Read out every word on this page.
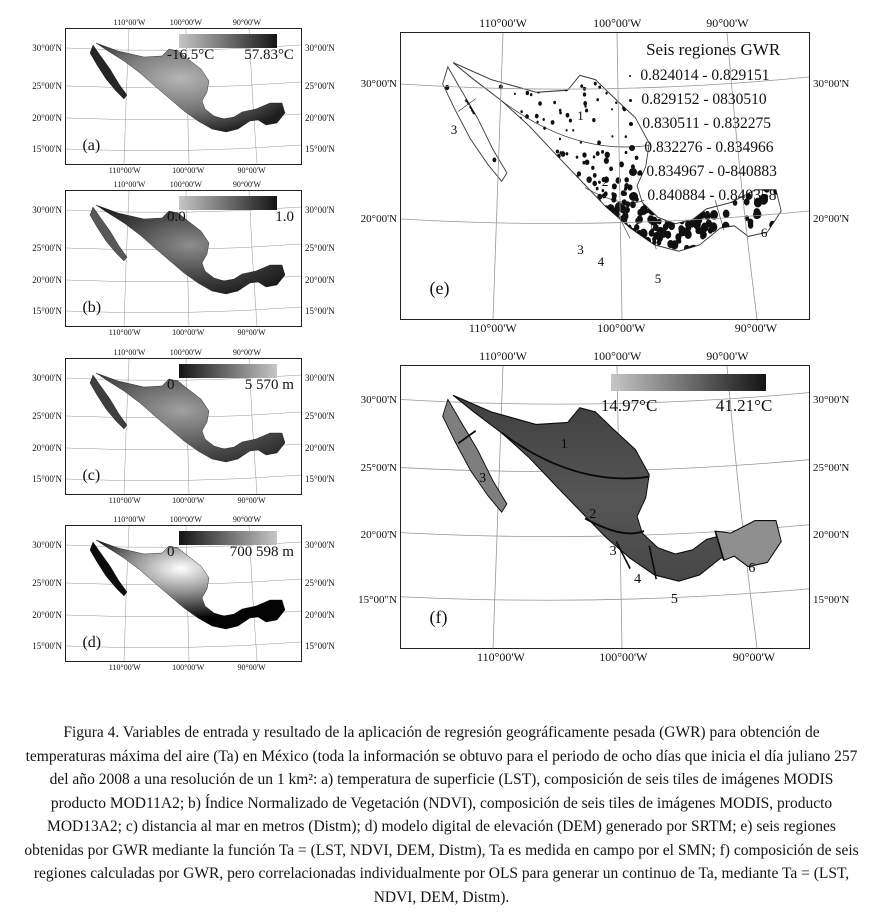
110°00'W	100°00'W	90°00'W
110°00'W	100°00'W	90°00'W
30°00'N
25°00'N
20°00'N
15°00'N
30°00'N
25°00'N
20°00'N
15°00'N
-16.5°C 57.83°C
(a)
110°00'W	100°00'W	90°00'W
110°00'W	100°00'W	90°00'W
30°00'N
25°00'N
20°00'N
15°00'N
30°00'N
25°00'N
20°00'N
15°00'N
0.0	1.0
(b)
110°00'W	100°00'W	90°00'W
110°00'W	100°00'W	90°00'W
30°00'N
25°00'N
20°00'N
15°00'N
30°00'N
25°00'N
20°00'N
15°00'N
0	5 570 m
(c)
110°00'W	100°00'W	90°00'W
110°00'W	100°00'W	90°00'W
30°00'N
25°00'N
20°00'N
15°00'N
30°00'N
25°00'N
20°00'N
15°00'N
0	700 598 m
(d)
110°00'W	100°00'W	90°00'W
110°00'W	100°00'W	90°00'W
30°00'N
20°00'N
30°00'N
20°00'N
Seis regiones GWR
0.824014 - 0.829151
0.829152 - 0830510
0.830511 - 0.832275
0.832276 - 0.834966
0.834967 - 0-840883
0.840884 - 0.849358
1
2
3
3
4
5
6
(e)
110°00'W	100°00'W	90°00'W
110°00'W	100°00'W	90°00'W
30°00'N
25°00'N
20°00'N
15°00"N
30°00'N
25°00'N
20°00'N
15°00'N
14.97°C	41.21°C
1
2
3
3
4
5
6
(f)
Figura 4. Variables de entrada y resultado de la aplicación de regresión geográficamente pesada (GWR) para obtención de temperaturas máxima del aire (Ta) en México (toda la información se obtuvo para el periodo de ocho días que inicia el día juliano 257 del año 2008 a una resolución de un 1 km²: a) temperatura de superficie (LST), composición de seis tiles de imágenes MODIS producto MOD11A2; b) Índice Normalizado de Vegetación (NDVI), composición de seis tiles de imágenes MODIS, producto MOD13A2; c) distancia al mar en metros (Distm); d) modelo digital de elevación (DEM) generado por SRTM; e) seis regiones obtenidas por GWR mediante la función Ta = (LST, NDVI, DEM, Distm), Ta es medida en campo por el SMN; f) composición de seis regiones calculadas por GWR, pero correlacionadas individualmente por OLS para generar un continuo de Ta, mediante Ta = (LST, NDVI, DEM, Distm).
